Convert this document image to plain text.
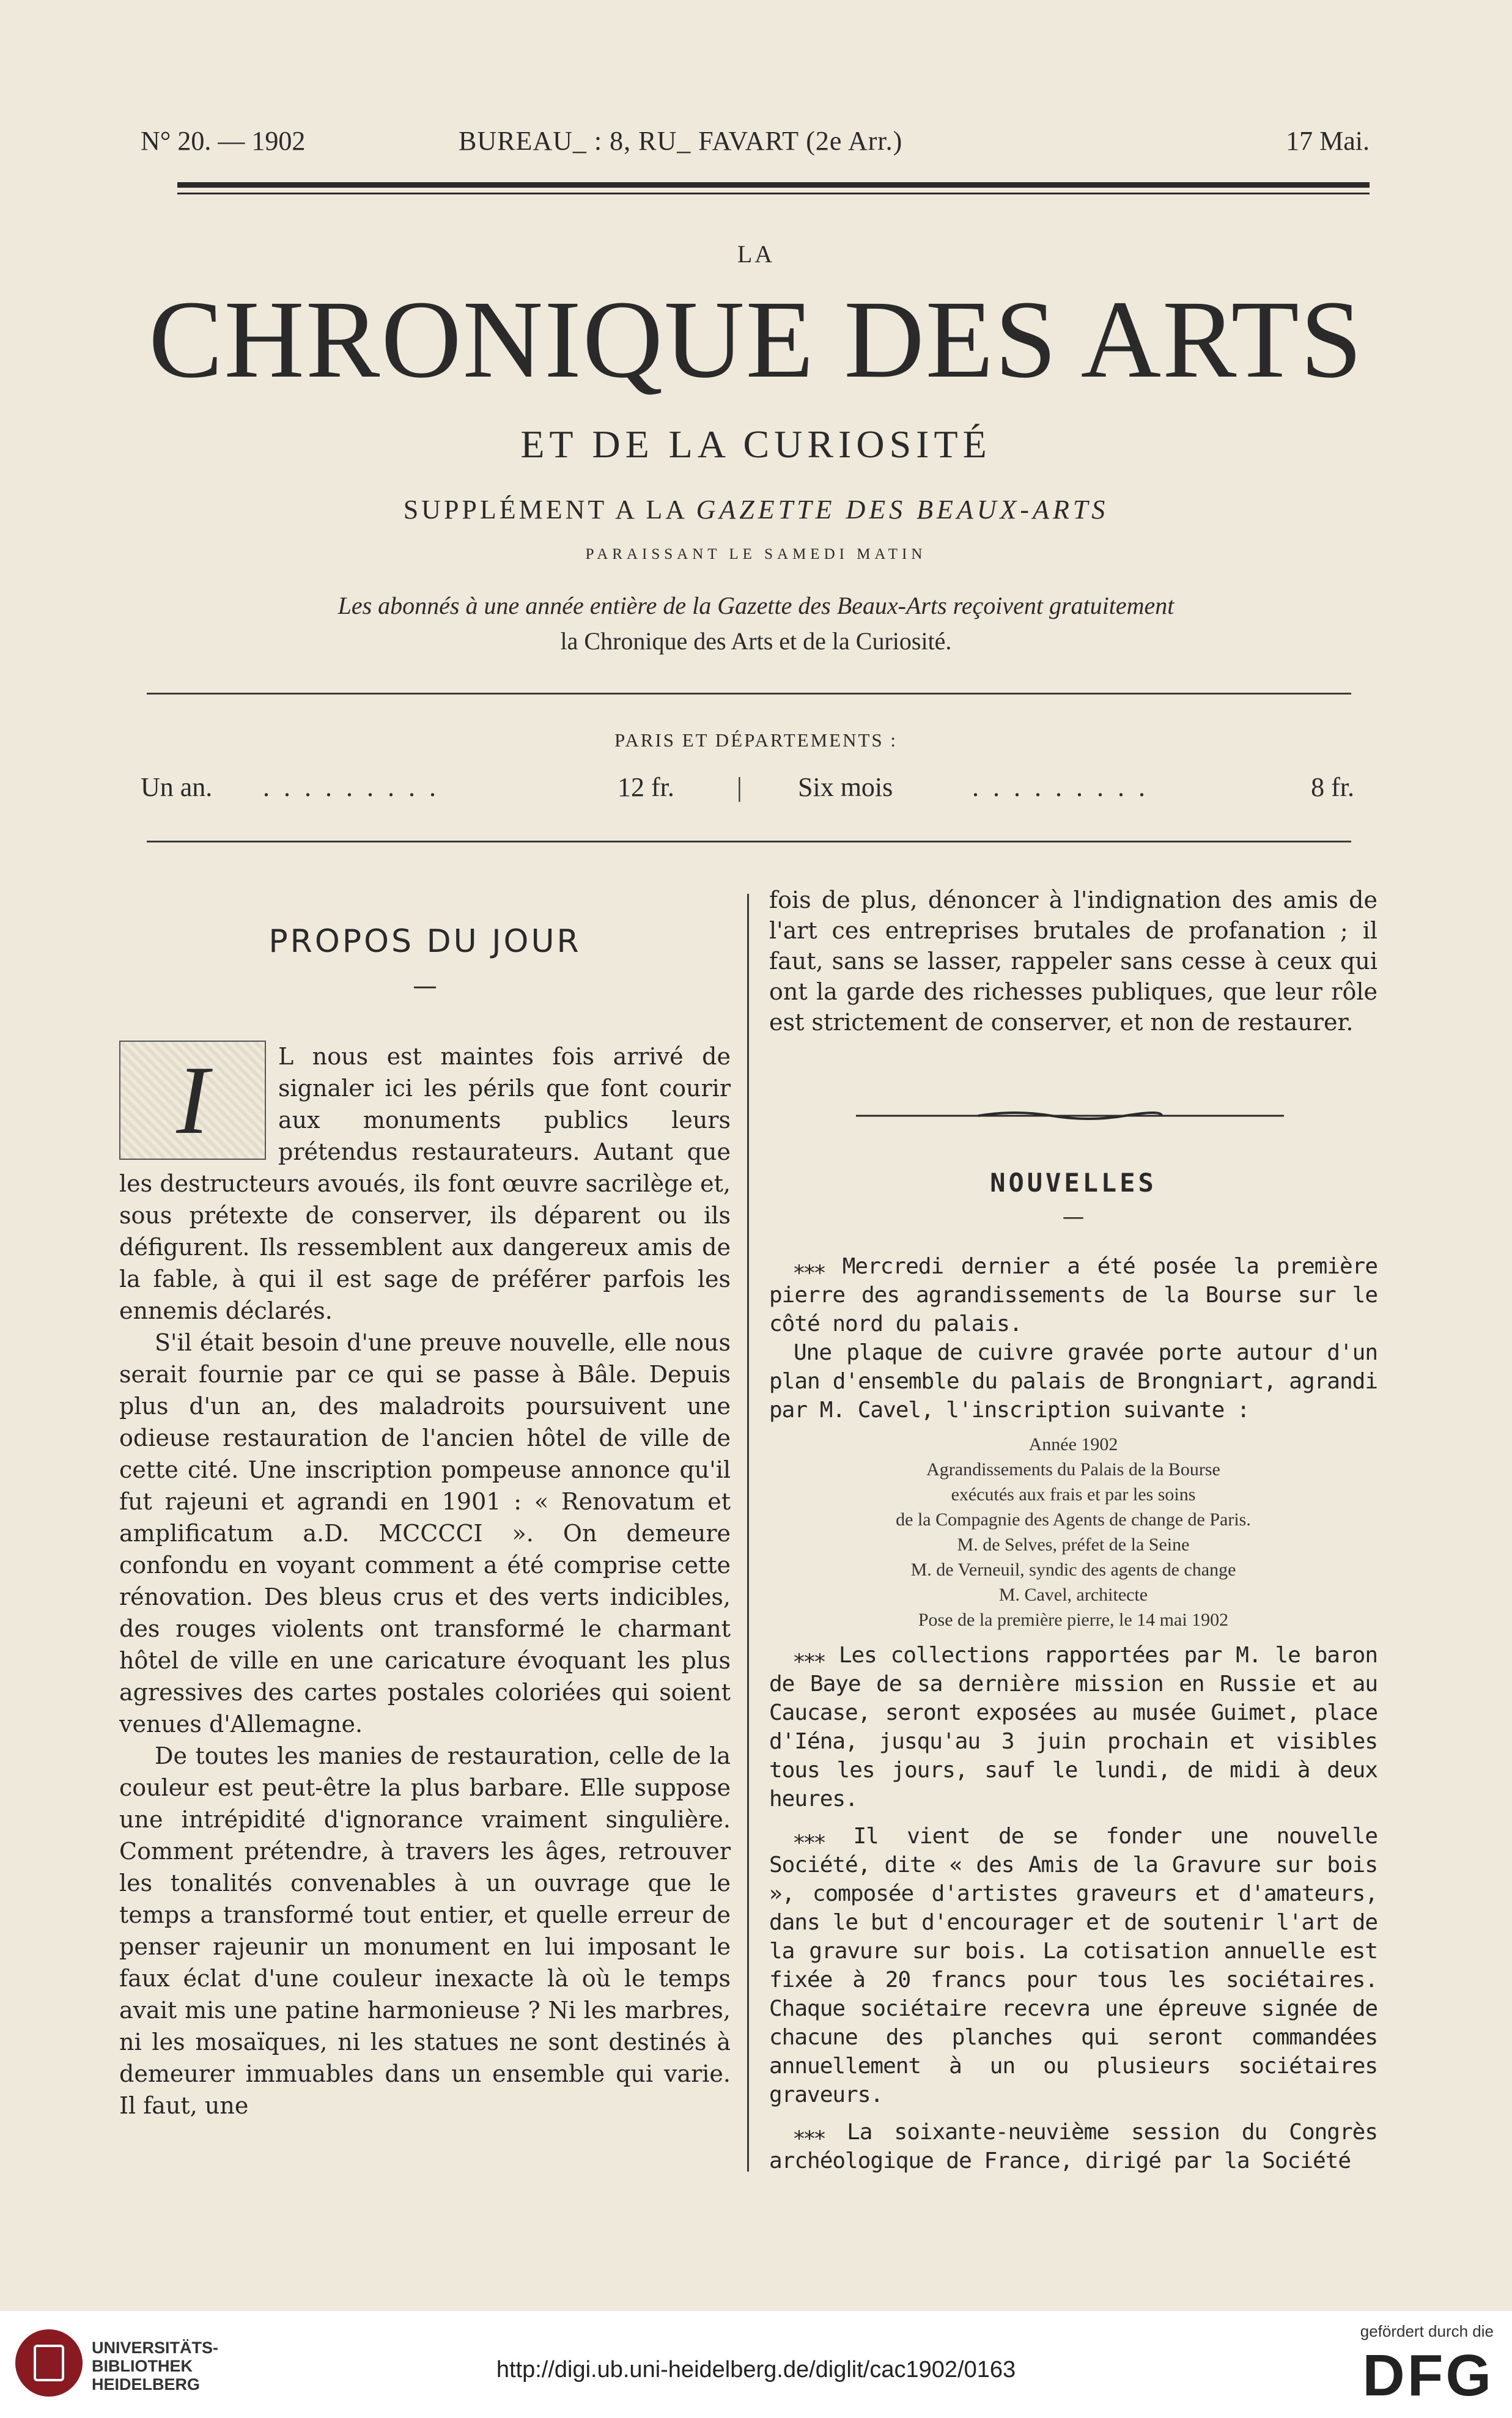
N° 20. — 1902	BUREAU_ : 8, RU_ FAVART (2e Arr.)	17 Mai.
LA
CHRONIQUE DES ARTS
ET DE LA CURIOSITÉ
SUPPLÉMENT A LA GAZETTE DES BEAUX-ARTS
PARAISSANT LE SAMEDI MATIN
Les abonnés à une année entière de la Gazette des Beaux-Arts reçoivent gratuitement
la Chronique des Arts et de la Curiosité.
PARIS ET DÉPARTEMENTS :
Un an. . . . . . . . . .	12 fr. | Six mois	. . . . . . . . .	8 fr.
PROPOS DU JOUR
—
I	L nous est maintes fois arrivé de signaler ici les périls que font courir aux monuments publics leurs prétendus restaurateurs. Autant que les destructeurs avoués, ils font œuvre sacrilège et, sous prétexte de conserver, ils déparent ou ils défigurent. Ils ressemblent aux dangereux amis de la fable, à qui il est sage de préférer parfois les ennemis déclarés.

S'il était besoin d'une preuve nouvelle, elle nous serait fournie par ce qui se passe à Bâle. Depuis plus d'un an, des maladroits poursuivent une odieuse restauration de l'ancien hôtel de ville de cette cité. Une inscription pompeuse annonce qu'il fut rajeuni et agrandi en 1901 : « Renovatum et amplificatum a.D. MCCCCI ». On demeure confondu en voyant comment a été comprise cette rénovation. Des bleus crus et des verts indicibles, des rouges violents ont transformé le charmant hôtel de ville en une caricature évoquant les plus agressives des cartes postales coloriées qui soient venues d'Allemagne.

De toutes les manies de restauration, celle de la couleur est peut-être la plus barbare. Elle suppose une intrépidité d'ignorance vraiment singulière. Comment prétendre, à travers les âges, retrouver les tonalités convenables à un ouvrage que le temps a transformé tout entier, et quelle erreur de penser rajeunir un monument en lui imposant le faux éclat d'une couleur inexacte là où le temps avait mis une patine harmonieuse ? Ni les marbres, ni les mosaïques, ni les statues ne sont destinés à demeurer immuables dans un ensemble qui varie. Il faut, une

fois de plus, dénoncer à l'indignation des amis de l'art ces entreprises brutales de profanation ; il faut, sans se lasser, rappeler sans cesse à ceux qui ont la garde des richesses publiques, que leur rôle est strictement de conserver, et non de restaurer.

NOUVELLES
—

⁎⁎⁎ Mercredi dernier a été posée la première pierre des agrandissements de la Bourse sur le côté nord du palais.

Une plaque de cuivre gravée porte autour d'un plan d'ensemble du palais de Brongniart, agrandi par M. Cavel, l'inscription suivante :

Année 1902
Agrandissements du Palais de la Bourse
exécutés aux frais et par les soins
de la Compagnie des Agents de change de Paris.
M. de Selves, préfet de la Seine
M. de Verneuil, syndic des agents de change
M. Cavel, architecte
Pose de la première pierre, le 14 mai 1902

⁎⁎⁎ Les collections rapportées par M. le baron de Baye de sa dernière mission en Russie et au Caucase, seront exposées au musée Guimet, place d'Iéna, jusqu'au 3 juin prochain et visibles tous les jours, sauf le lundi, de midi à deux heures.

⁎⁎⁎ Il vient de se fonder une nouvelle Société, dite « des Amis de la Gravure sur bois », composée d'artistes graveurs et d'amateurs, dans le but d'encourager et de soutenir l'art de la gravure sur bois. La cotisation annuelle est fixée à 20 francs pour tous les sociétaires. Chaque sociétaire recevra une épreuve signée de chacune des planches qui seront commandées annuellement à un ou plusieurs sociétaires graveurs.

⁎⁎⁎ La soixante-neuvième session du Congrès archéologique de France, dirigé par la Société

UNIVERSITÄTS-
BIBLIOTHEK
HEIDELBERG
http://digi.ub.uni-heidelberg.de/diglit/cac1902/0163
gefördert durch die
DFG
